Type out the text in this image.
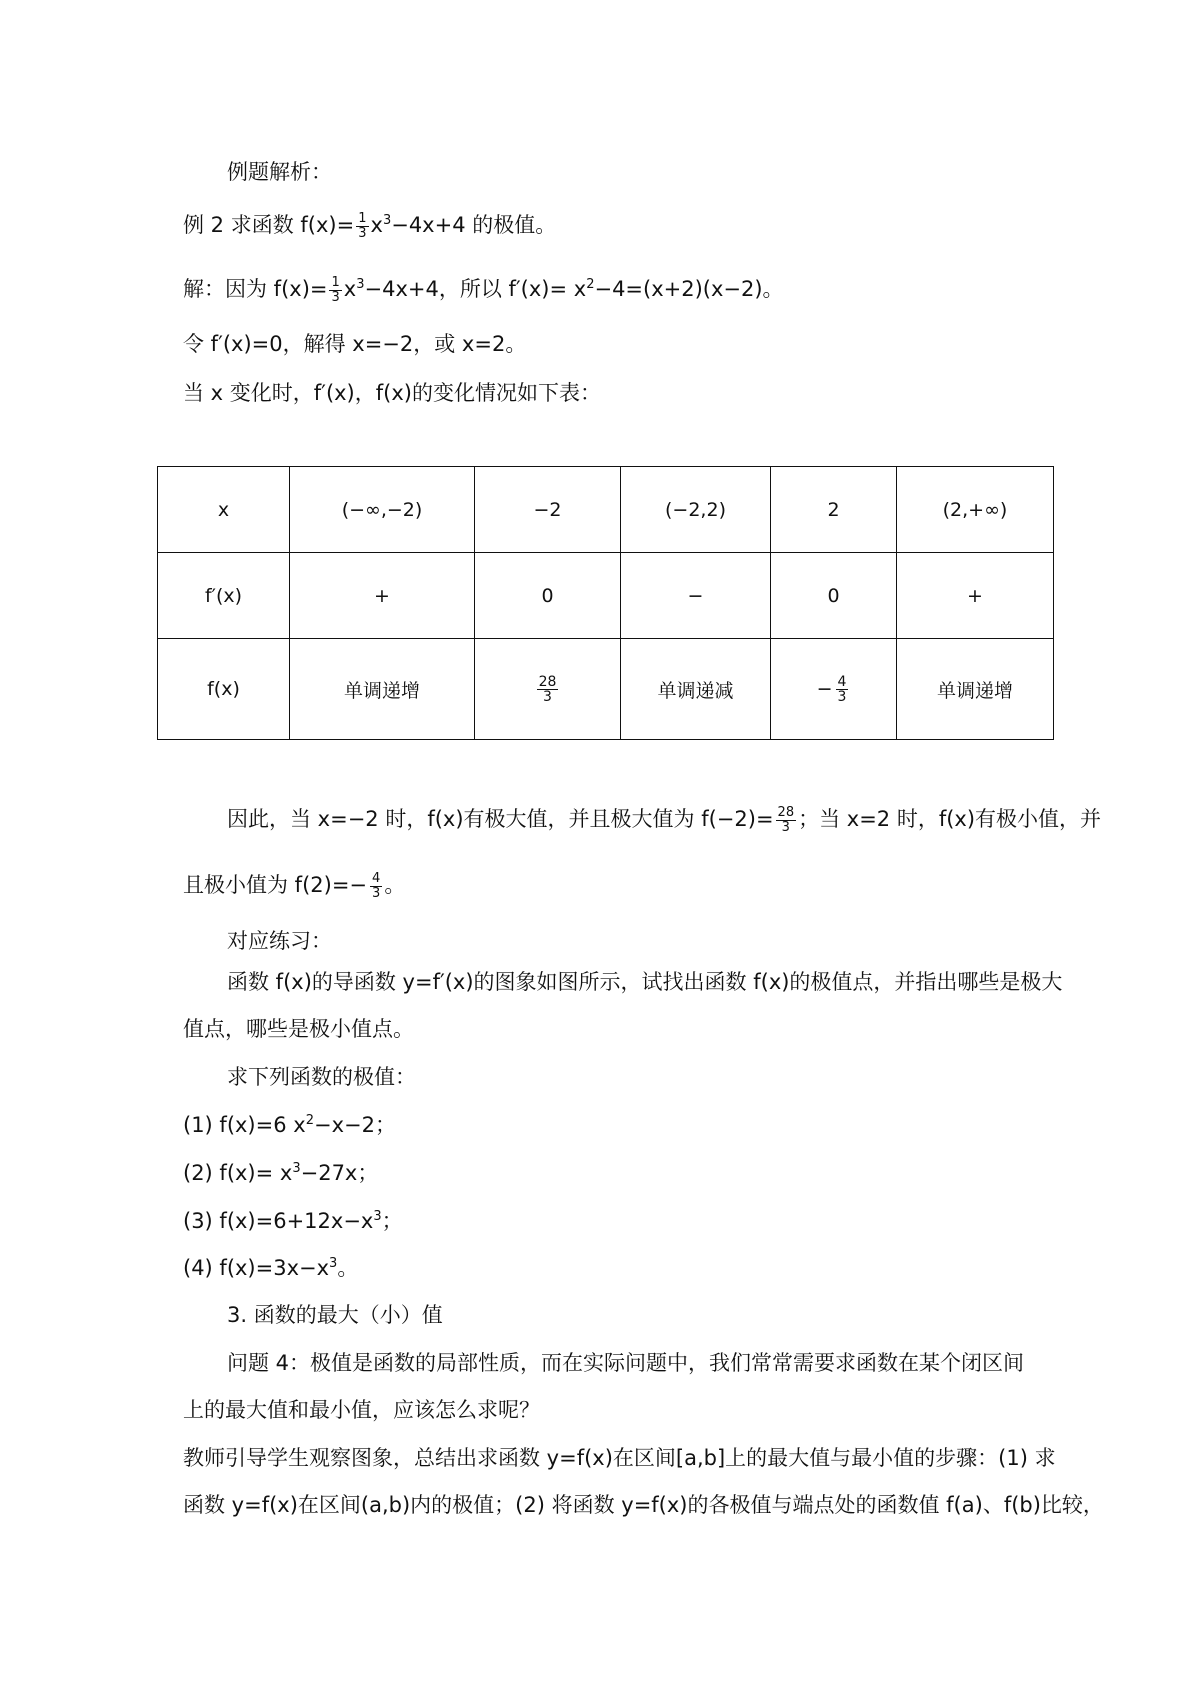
例题解析：
例 2 求函数 $f(x)= \frac{1}{3} x^3-4x+4$ 的极值。
解：因为 $f(x)= \frac{1}{3} x^3-4x+4$，所以 $f'(x)= x^2-4=(x+2)(x-2)$。
令 f′(x)=0，解得 x=−2，或 x=2。
当 x 变化时，f′(x)，f(x)的变化情况如下表：
x	(−∞,−2)	−2	(−2,2)	2	(2,+∞)
f′(x)	+	0	−	0	+
f(x)	单调递增	$\frac{28}{3}$	单调递减	− $\frac{4}{3}$	单调递增
因此，当 x=−2 时，f(x)有极大值，并且极大值为 $f(-2)= \frac{28}{3}$ ；当 x=2 时，f(x)有极小值，并
且极小值为 $f(2)=- \frac{4}{3}$ 。
对应练习：
函数 f(x)的导函数 y=f′(x)的图象如图所示，试找出函数 f(x)的极值点，并指出哪些是极大
值点，哪些是极小值点。
求下列函数的极值：
(1) f(x)=6 $x^2-x-2$；
(2) $f(x)= x^3-27x$；
(3) $f(x)=6+12x-x^3$；
(4) $f(x)=3x-x^3$。
3. 函数的最大（小）值
问题 4：极值是函数的局部性质，而在实际问题中，我们常常需要求函数在某个闭区间
上的最大值和最小值，应该怎么求呢？
教师引导学生观察图象，总结出求函数 y=f(x)在区间[a,b]上的最大值与最小值的步骤：(1) 求
函数 y=f(x)在区间(a,b)内的极值；(2) 将函数 y=f(x)的各极值与端点处的函数值 f(a)、f(b)比较，
